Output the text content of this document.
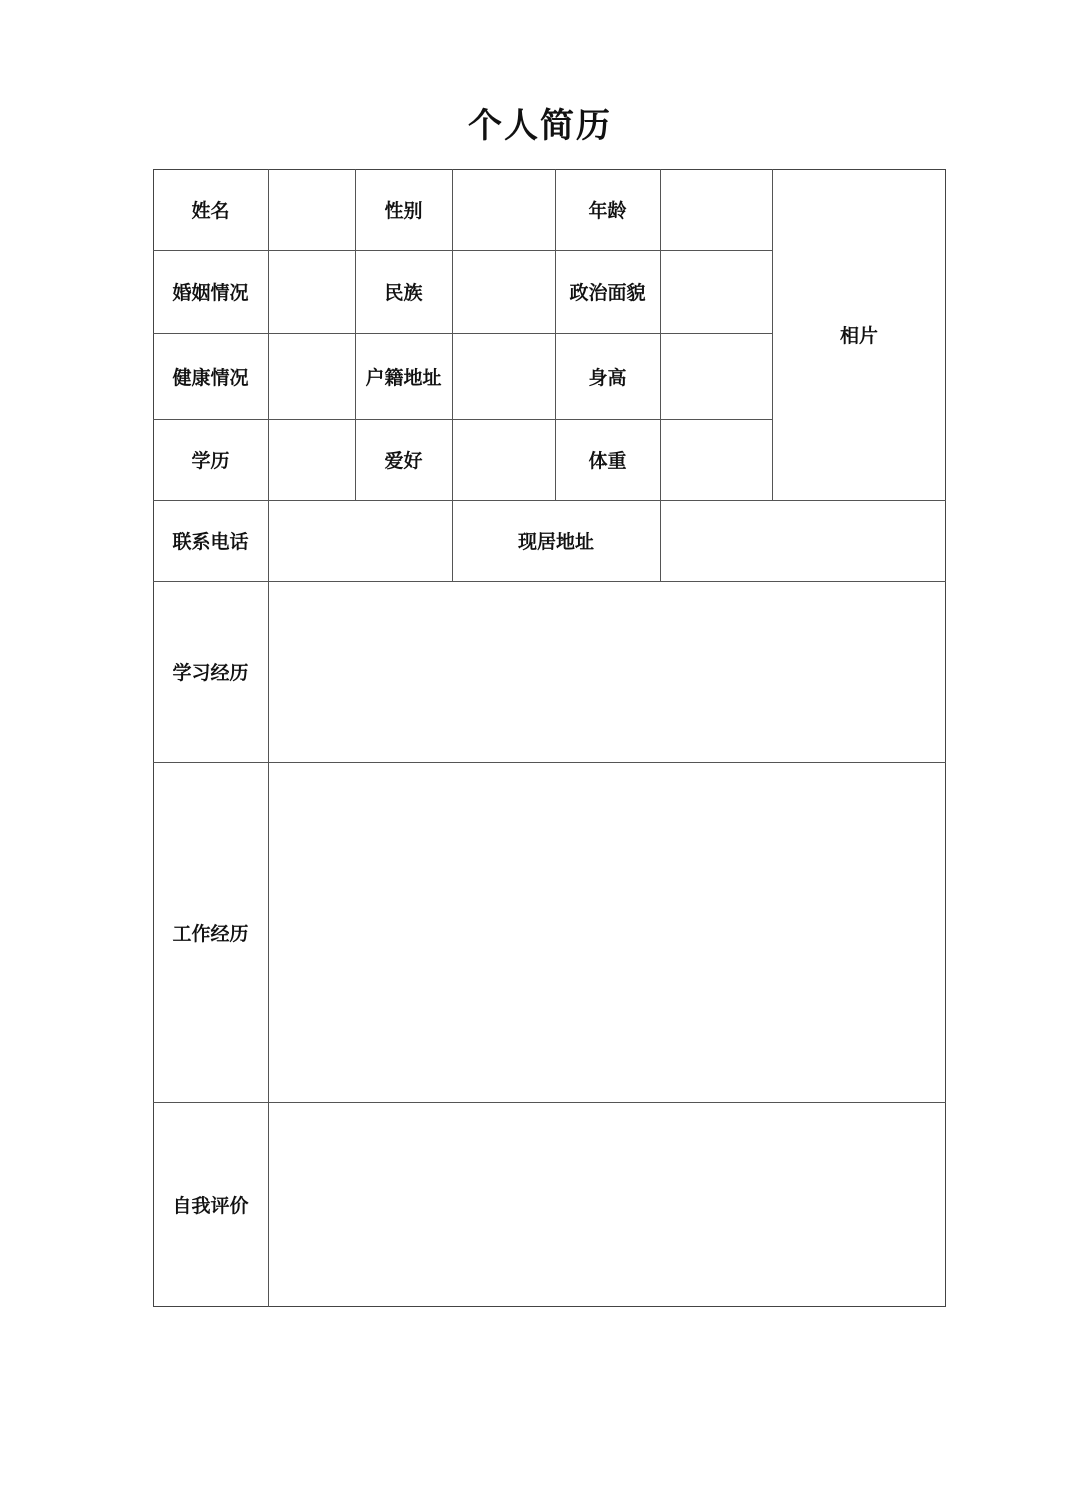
个人简历
姓名	性别	年龄
婚姻情况	民族	政治面貌
健康情况	户籍地址	身高
学历	爱好	体重
相片
联系电话	现居地址
学习经历
工作经历
自我评价
